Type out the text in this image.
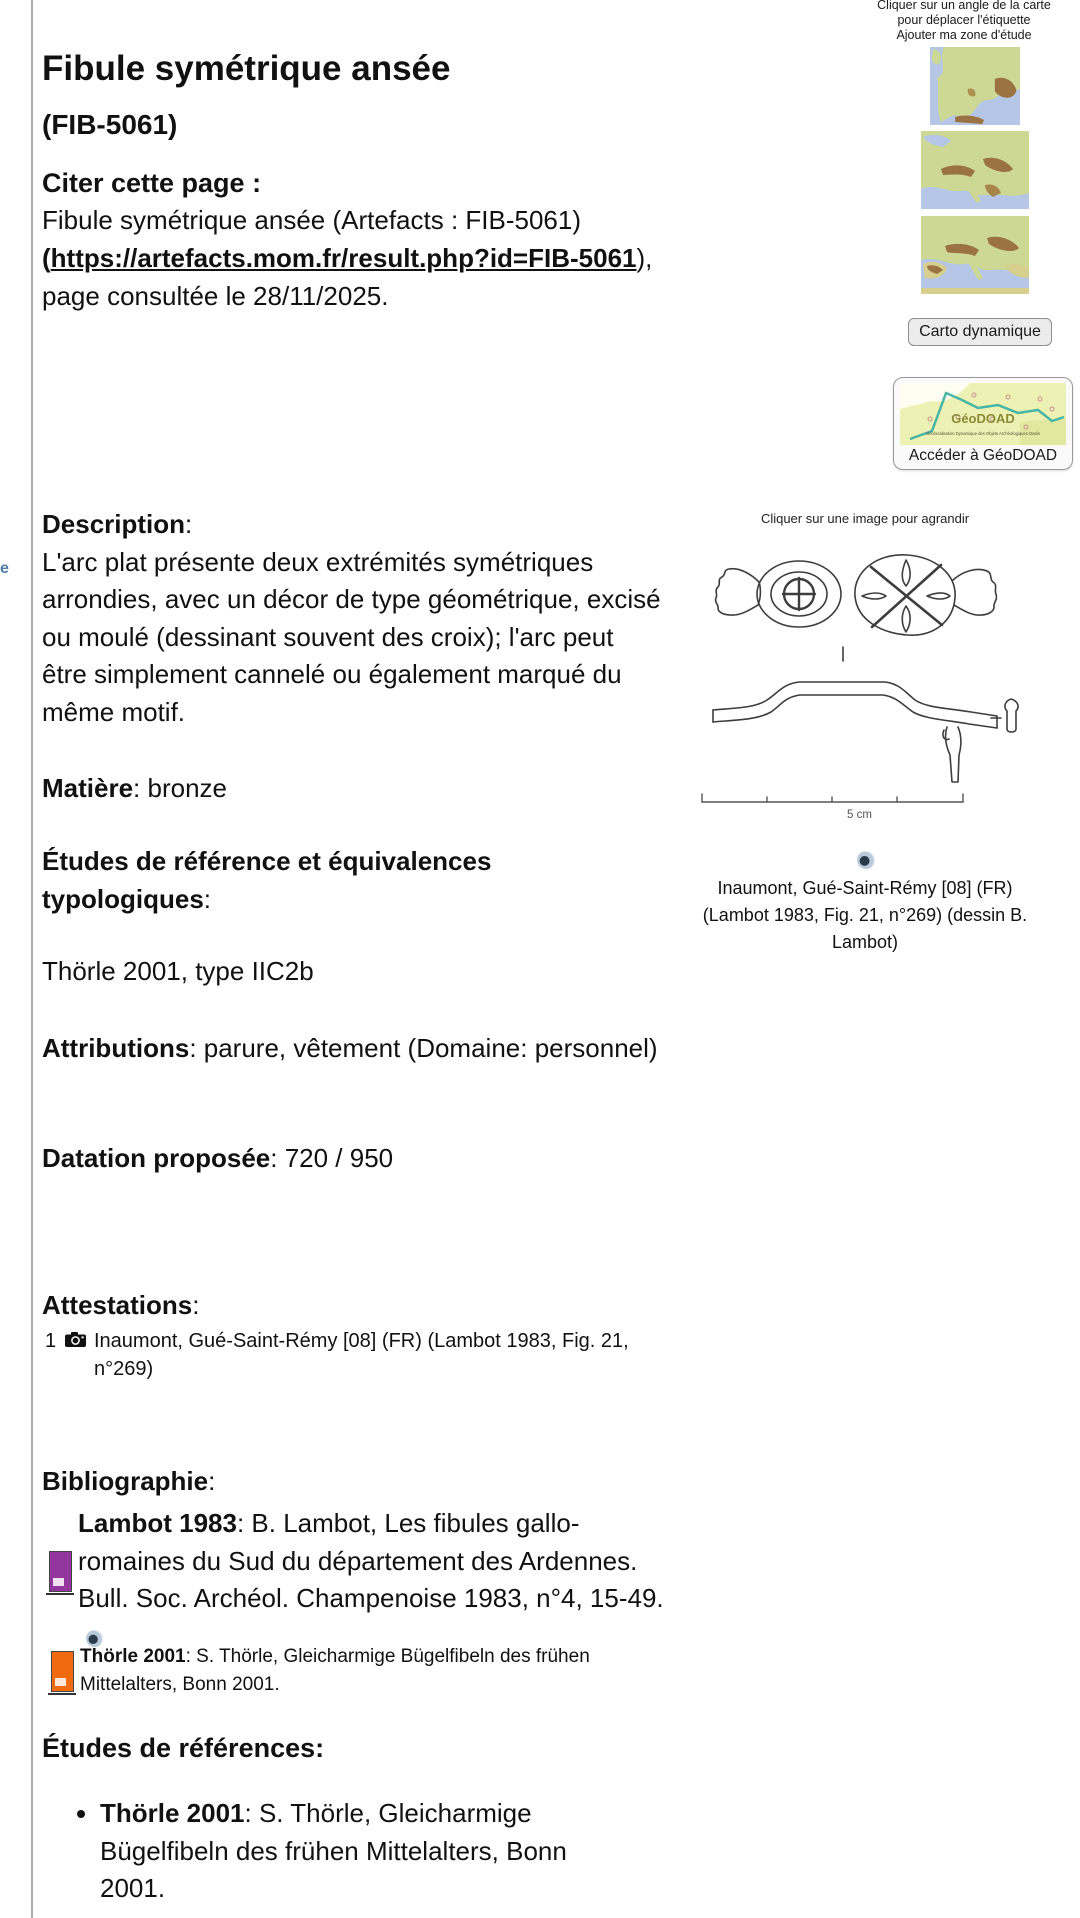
e
Fibule symétrique ansée
(FIB-5061)
Citer cette page :
Fibule symétrique ansée (Artefacts : FIB-5061)
(https://artefacts.mom.fr/result.php?id=FIB-5061),
page consultée le 28/11/2025.
Cliquer sur un angle de la carte
pour déplacer l'étiquette
Ajouter ma zone d'étude
Carto dynamique
GéoDOAD
Géolocalisation Dynamique des Objets Archéologiques Datés
Accéder à GéoDOAD
Cliquer sur une image pour agrandir
5 cm
Inaumont, Gué-Saint-Rémy [08] (FR) (Lambot 1983, Fig. 21, n°269) (dessin B. Lambot)
Description:
L'arc plat présente deux extrémités symétriques arrondies, avec un décor de type géométrique, excisé ou moulé (dessinant souvent des croix); l'arc peut être simplement cannelé ou également marqué du même motif.
Matière: bronze
Études de référence et équivalences typologiques:
Thörle 2001, type IIC2b
Attributions: parure, vêtement (Domaine: personnel)
Datation proposée: 720 / 950
Attestations:
1	Inaumont, Gué-Saint-Rémy [08] (FR) (Lambot 1983, Fig. 21, n°269)
Bibliographie:
Lambot 1983: B. Lambot, Les fibules gallo-romaines du Sud du département des Ardennes. Bull. Soc. Archéol. Champenoise 1983, n°4, 15-49.
Thörle 2001: S. Thörle, Gleicharmige Bügelfibeln des frühen Mittelalters, Bonn 2001.
Études de références:
• Thörle 2001: S. Thörle, Gleicharmige Bügelfibeln des frühen Mittelalters, Bonn 2001.
